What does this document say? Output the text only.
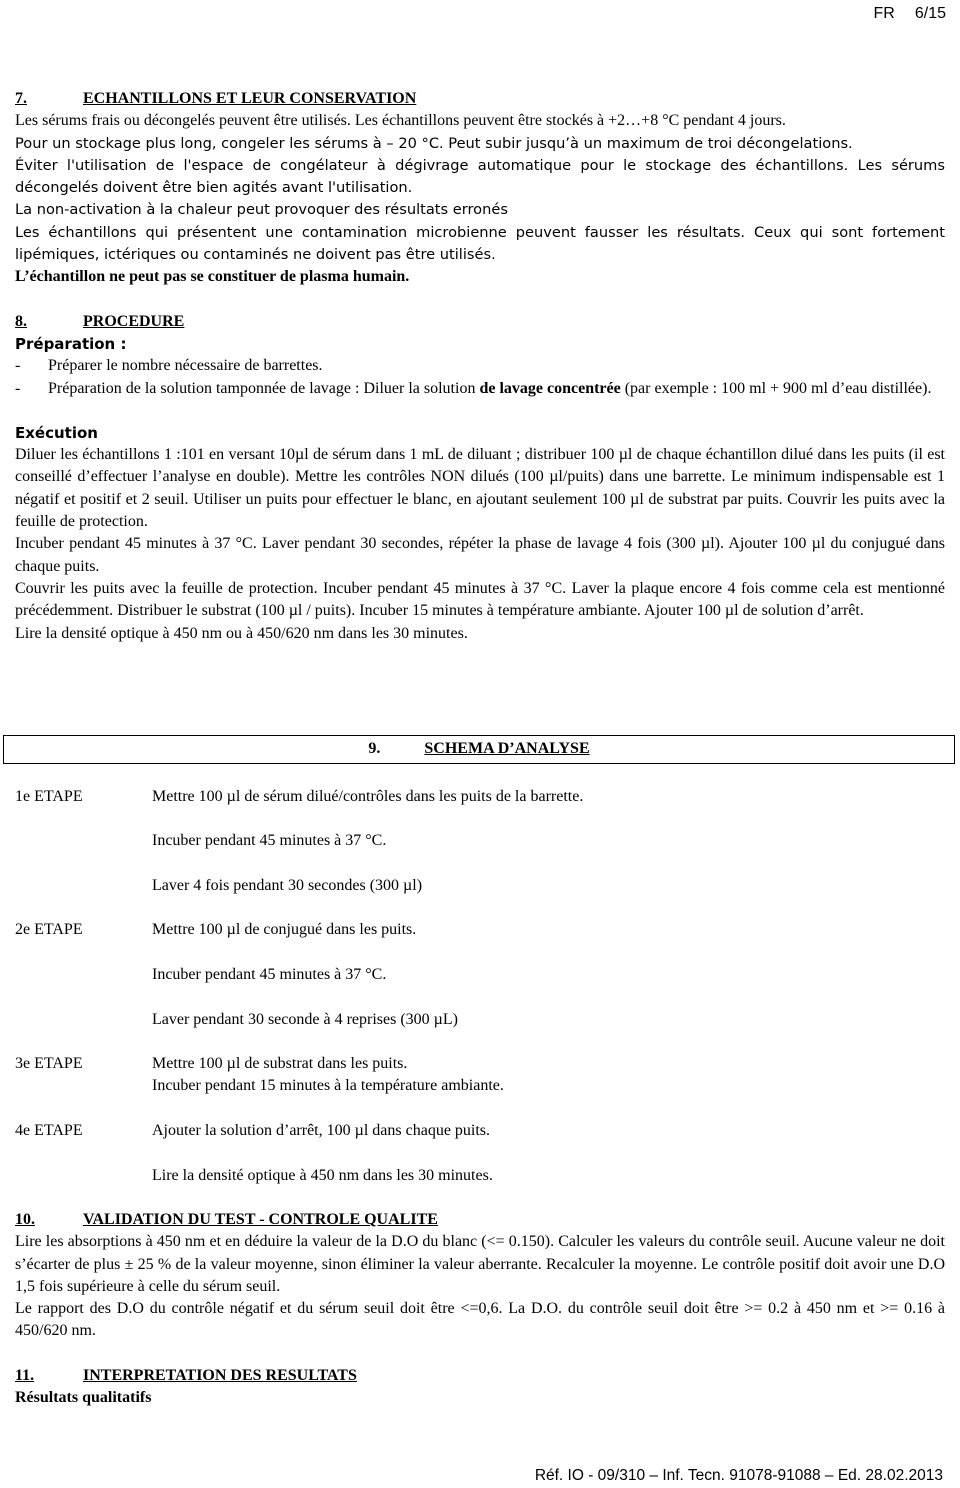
FR 6/15
7.	ECHANTILLONS ET LEUR CONSERVATION

Les sérums frais ou décongelés peuvent être utilisés. Les échantillons peuvent être stockés à +2…+8 °C pendant 4 jours.

Pour un stockage plus long, congeler les sérums à – 20 °C. Peut subir jusqu’à un maximum de troi décongelations.

Éviter l'utilisation de l'espace de congélateur à dégivrage automatique pour le stockage des échantillons. Les sérums décongelés doivent être bien agités avant l'utilisation.

La non-activation à la chaleur peut provoquer des résultats erronés

Les échantillons qui présentent une contamination microbienne peuvent fausser les résultats. Ceux qui sont fortement lipémiques, ictériques ou contaminés ne doivent pas être utilisés.

L’échantillon ne peut pas se constituer de plasma humain.

8.	PROCEDURE

Préparation :

-	Préparer le nombre nécessaire de barrettes.
-	Préparation de la solution tamponnée de lavage : Diluer la solution de lavage concentrée (par exemple : 100 ml + 900 ml d’eau distillée).

Exécution

Diluer les échantillons 1 :101 en versant 10µl de sérum dans 1 mL de diluant ; distribuer 100 µl de chaque échantillon dilué dans les puits (il est conseillé d’effectuer l’analyse en double). Mettre les contrôles NON dilués (100 µl/puits) dans une barrette. Le minimum indispensable est 1 négatif et positif et 2 seuil. Utiliser un puits pour effectuer le blanc, en ajoutant seulement 100 µl de substrat par puits. Couvrir les puits avec la feuille de protection.

Incuber pendant 45 minutes à 37 °C. Laver pendant 30 secondes, répéter la phase de lavage 4 fois (300 µl). Ajouter 100 µl du conjugué dans chaque puits.

Couvrir les puits avec la feuille de protection. Incuber pendant 45 minutes à 37 °C. Laver la plaque encore 4 fois comme cela est mentionné précédemment. Distribuer le substrat (100 µl / puits). Incuber 15 minutes à température ambiante. Ajouter 100 µl de solution d’arrêt.

Lire la densité optique à 450 nm ou à 450/620 nm dans les 30 minutes.

9.	SCHEMA D’ANALYSE
1e ETAPE	Mettre 100 µl de sérum dilué/contrôles dans les puits de la barrette.
Incuber pendant 45 minutes à 37 °C.
Laver 4 fois pendant 30 secondes (300 µl)
2e ETAPE	Mettre 100 µl de conjugué dans les puits.
Incuber pendant 45 minutes à 37 °C.
Laver pendant 30 seconde à 4 reprises (300 µL)
3e ETAPE	Mettre 100 µl de substrat dans les puits.
Incuber pendant 15 minutes à la température ambiante.
4e ETAPE	Ajouter la solution d’arrêt, 100 µl dans chaque puits.
Lire la densité optique à 450 nm dans les 30 minutes.
10.	VALIDATION DU TEST - CONTROLE QUALITE

Lire les absorptions à 450 nm et en déduire la valeur de la D.O du blanc (<= 0.150). Calculer les valeurs du contrôle seuil. Aucune valeur ne doit s’écarter de plus ± 25 % de la valeur moyenne, sinon éliminer la valeur aberrante. Recalculer la moyenne. Le contrôle positif doit avoir une D.O 1,5 fois supérieure à celle du sérum seuil.

Le rapport des D.O du contrôle négatif et du sérum seuil doit être <=0,6. La D.O. du contrôle seuil doit être >= 0.2 à 450 nm et >= 0.16 à 450/620 nm.

11.	INTERPRETATION DES RESULTATS

Résultats qualitatifs

Réf. IO - 09/310 – Inf. Tecn. 91078-91088 – Ed. 28.02.2013
